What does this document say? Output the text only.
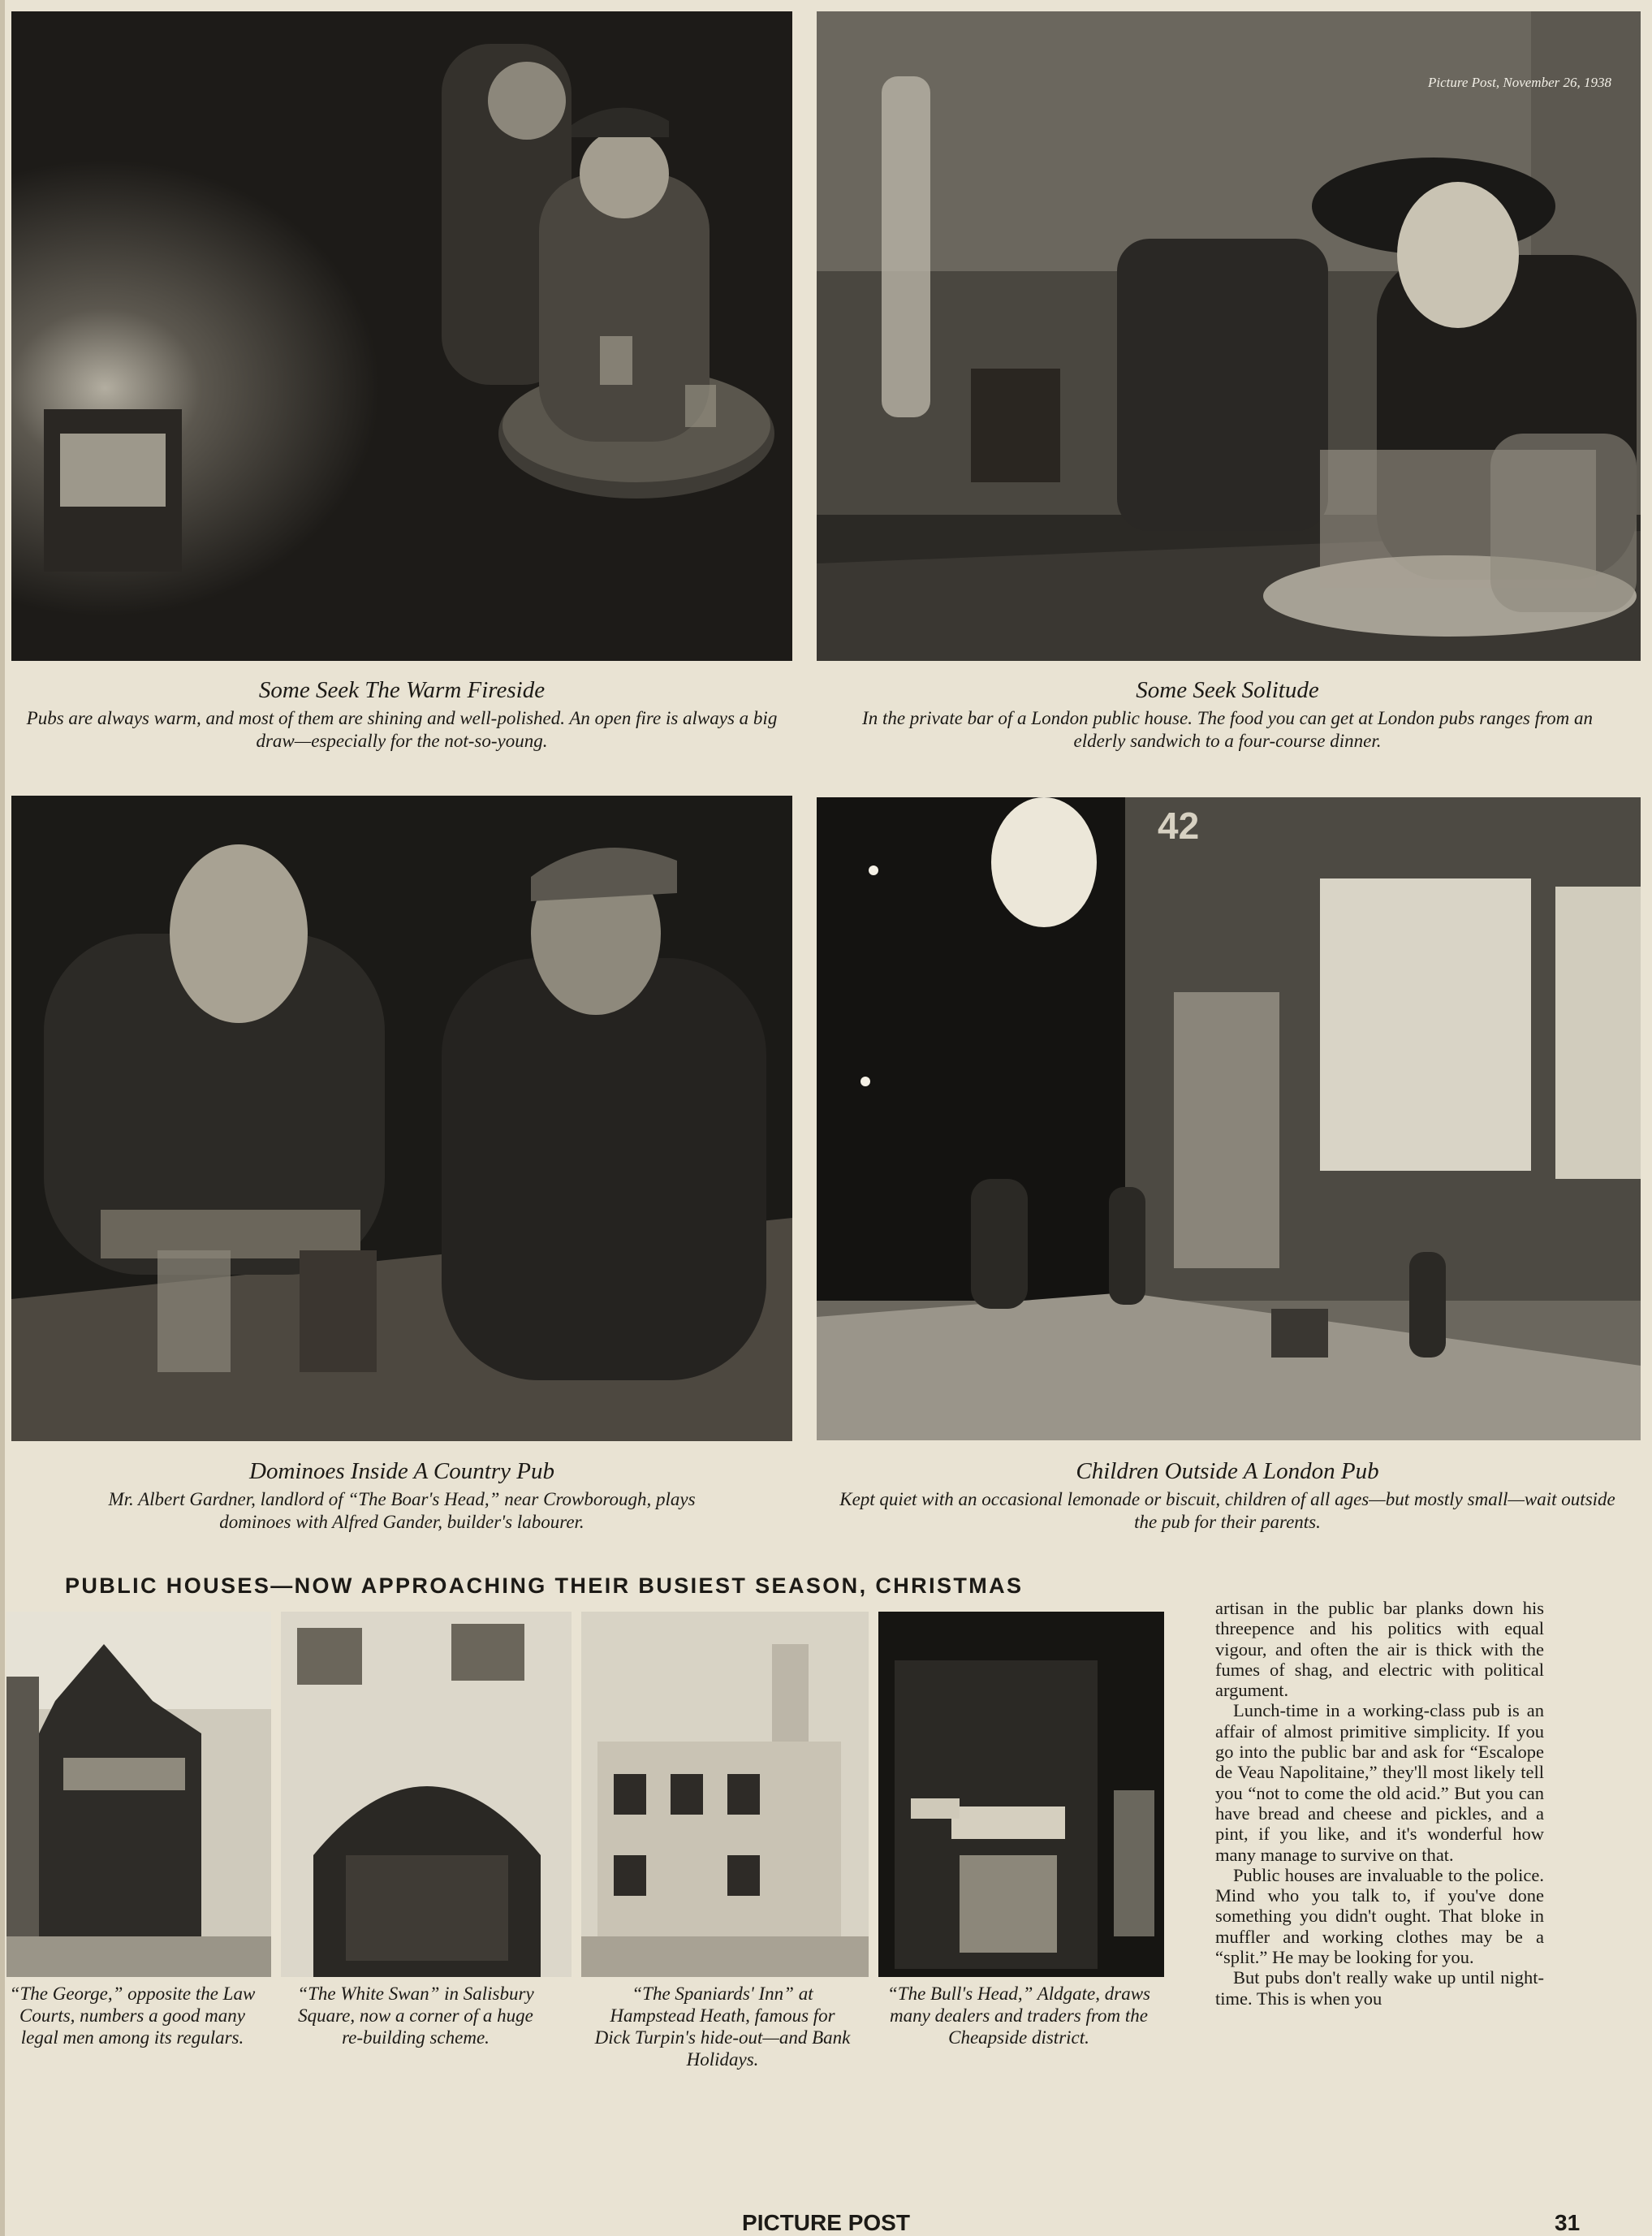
Picture Post, November 26, 1938
Some Seek The Warm Fireside
Pubs are always warm, and most of them are shining and well-polished. An open fire is always a big draw—especially for the not-so-young.
Some Seek Solitude
In the private bar of a London public house. The food you can get at London pubs ranges from an elderly sandwich to a four-course dinner.
42
Dominoes Inside A Country Pub
Mr. Albert Gardner, landlord of “The Boar's Head,” near Crowborough, plays dominoes with Alfred Gander, builder's labourer.
Children Outside A London Pub
Kept quiet with an occasional lemonade or biscuit, children of all ages—but mostly small—wait outside the pub for their parents.
PUBLIC HOUSES—NOW APPROACHING THEIR BUSIEST SEASON, CHRISTMAS
“The George,” opposite the Law Courts, numbers a good many legal men among its regulars.
“The White Swan” in Salisbury Square, now a corner of a huge re-building scheme.
“The Spaniards' Inn” at Hampstead Heath, famous for Dick Turpin's hide-out—and Bank Holidays.
“The Bull's Head,” Aldgate, draws many dealers and traders from the Cheapside district.

artisan in the public bar planks down his threepence and his politics with equal vigour, and often the air is thick with the fumes of shag, and electric with political argument.

Lunch-time in a working-class pub is an affair of almost primitive simplicity. If you go into the public bar and ask for “Escalope de Veau Napolitaine,” they'll most likely tell you “not to come the old acid.” But you can have bread and cheese and pickles, and a pint, if you like, and it's wonderful how many manage to survive on that.

Public houses are invaluable to the police. Mind who you talk to, if you've done something you didn't ought. That bloke in muffler and working clothes may be a “split.” He may be looking for you.

But pubs don't really wake up until night-time. This is when you

PICTURE POST	31
